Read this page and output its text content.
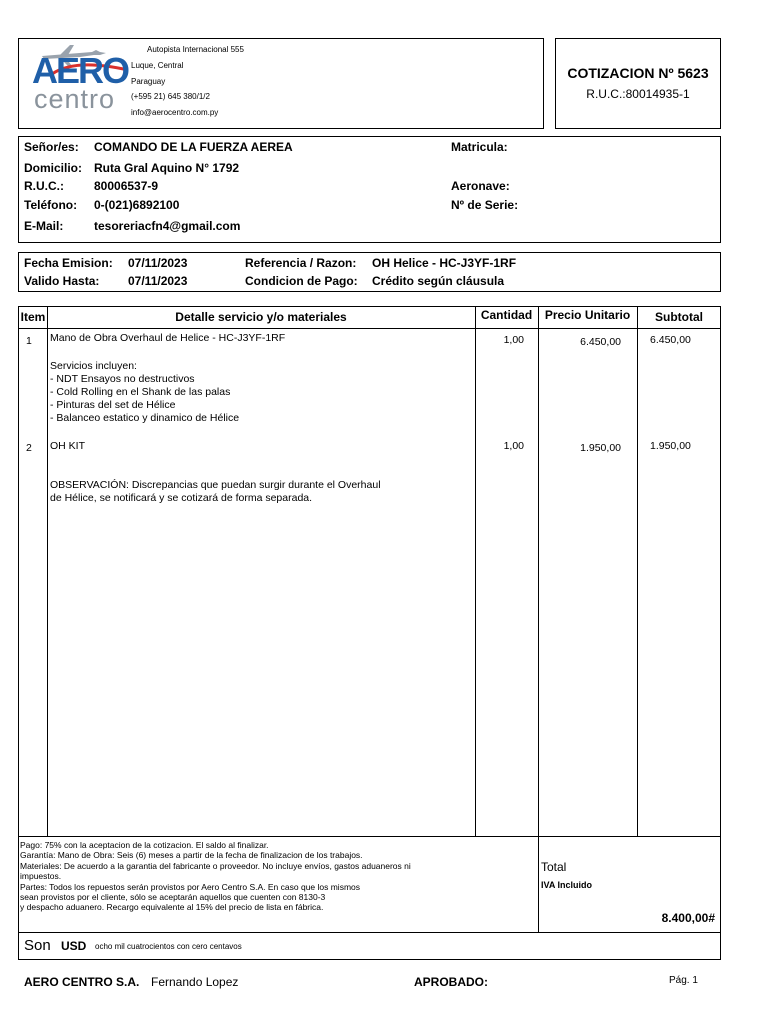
AERO
centro
Autopista Internacional 555
Luque, Central
Paraguay
(+595 21) 645 380/1/2
info@aerocentro.com.py
COTIZACION Nº 5623
R.U.C.:80014935-1
Señor/es: COMANDO DE LA FUERZA AEREA
Domicilio: Ruta Gral Aquino N° 1792
R.U.C.:	80006537-9
Teléfono: 0-(021)6892100
E-Mail:	tesoreriacfn4@gmail.com
Matricula:
Aeronave:
Nº de Serie:
Fecha Emision: 07/11/2023
Valido Hasta: 07/11/2023
Referencia / Razon: OH Helice - HC-J3YF-1RF
Condicion de Pago: Crédito según cláusula
Item	Detalle servicio y/o materiales	Cantidad	Precio Unitario	Subtotal
1 Mano de Obra Overhaul de Helice - HC-J3YF-1RF
Servicios incluyen:
- NDT Ensayos no destructivos
- Cold Rolling en el Shank de las palas
- Pinturas del set de Hélice
- Balanceo estatico y dinamico de Hélice
1,00	6.450,00	6.450,00
2 OH KIT
OBSERVACIÓN: Discrepancias que puedan surgir durante el Overhaul
de Hélice, se notificará y se cotizará de forma separada.
1,00	1.950,00	1.950,00
Pago: 75% con la aceptacion de la cotizacion. El saldo al finalizar.
Garantía: Mano de Obra: Seis (6) meses a partir de la fecha de finalizacion de los trabajos.
Materiales: De acuerdo a la garantia del fabricante o proveedor. No incluye envíos, gastos aduaneros ni
impuestos.
Partes: Todos los repuestos serán provistos por Aero Centro S.A. En caso que los mismos
sean provistos por el cliente, sólo se aceptarán aquellos que cuenten con 8130-3
y despacho aduanero. Recargo equivalente al 15% del precio de lista en fábrica.
Total
IVA Incluido
8.400,00#
Son USD ocho mil cuatrocientos con cero centavos
AERO CENTRO S.A. Fernando Lopez	APROBADO:	Pág. 1
